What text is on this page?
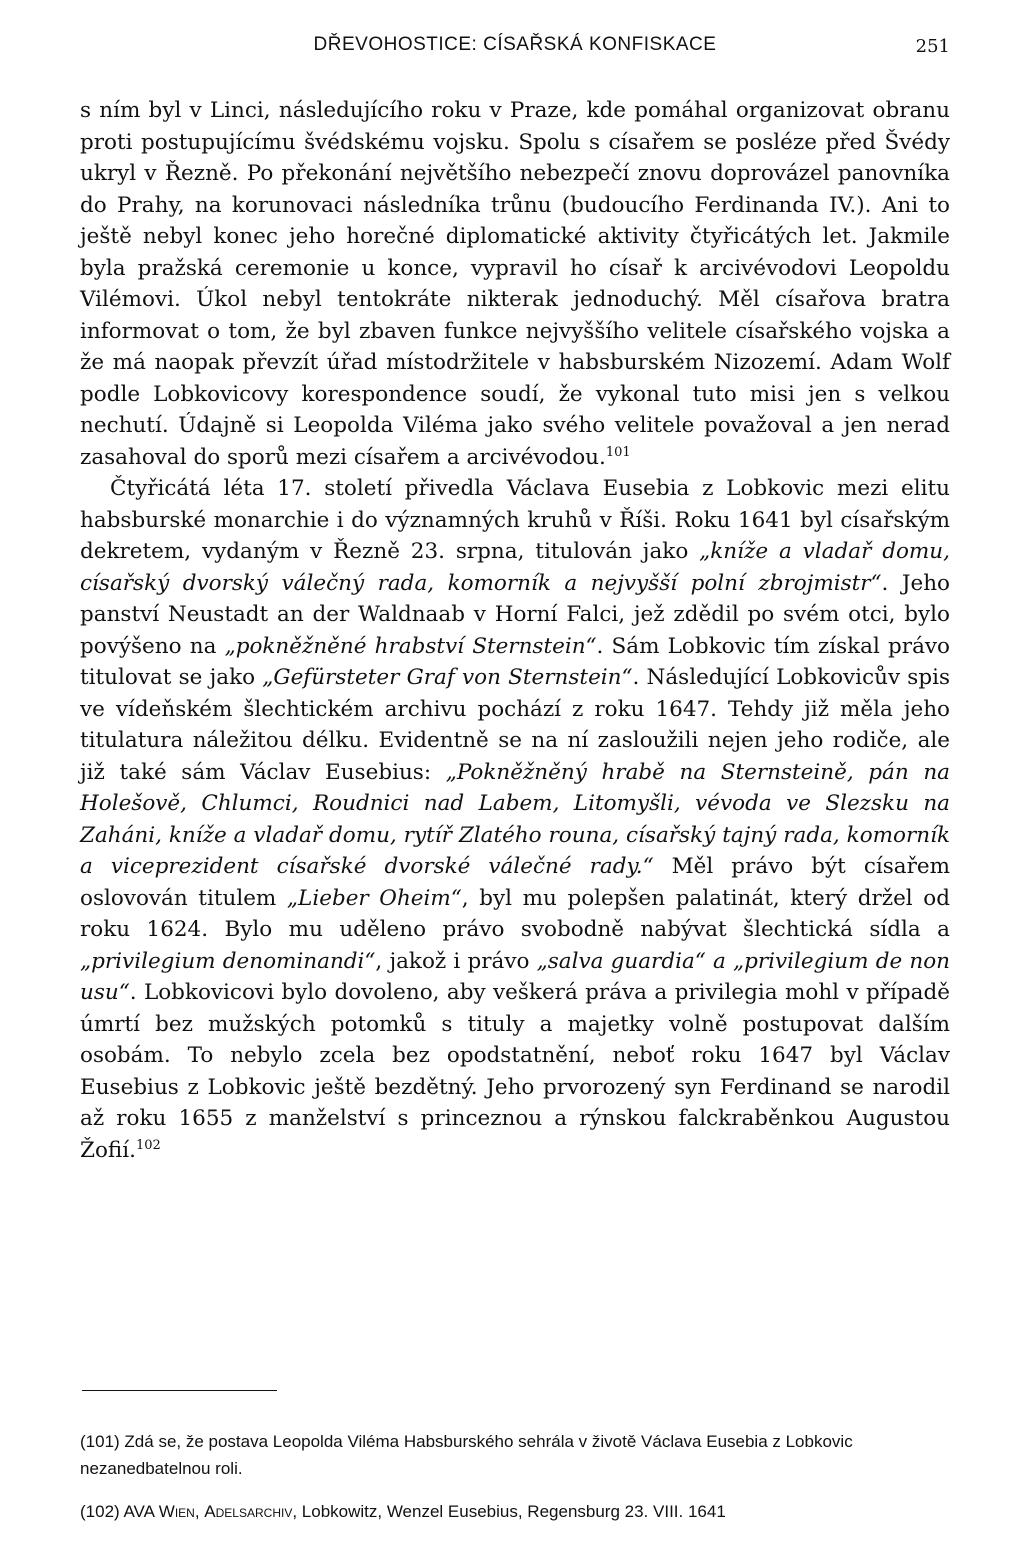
DŘEVOHOSTICE: CÍSAŘSKÁ KONFISKACE	251

s ním byl v Linci, následujícího roku v Praze, kde pomáhal organizovat obranu proti postupujícímu švédskému vojsku. Spolu s císařem se posléze před Švédy ukryl v Řezně. Po překonání největšího nebezpečí znovu doprovázel panovníka do Prahy, na korunovaci následníka trůnu (budoucího Ferdinanda IV.). Ani to ještě nebyl konec jeho horečné diplomatické aktivity čtyřicátých let. Jakmile byla pražská ceremonie u konce, vypravil ho císař k arcivévodovi Leopoldu Vilémovi. Úkol nebyl tentokráte nikterak jednoduchý. Měl císařova bratra informovat o tom, že byl zbaven funkce nejvyššího velitele císařského vojska a že má naopak převzít úřad místodržitele v habsburském Nizozemí. Adam Wolf podle Lobkovicovy korespondence soudí, že vykonal tuto misi jen s velkou nechutí. Údajně si Leopolda Viléma jako svého velitele považoval a jen nerad zasahoval do sporů mezi císařem a arcivévodou.$^{101}$

Čtyřicátá léta 17. století přivedla Václava Eusebia z Lobkovic mezi elitu habsburské monarchie i do významných kruhů v Říši. Roku 1641 byl císařským dekretem, vydaným v Řezně 23. srpna, titulován jako „kníže a vladař domu, císařský dvorský válečný rada, komorník a nejvyšší polní zbrojmistr“. Jeho panství Neustadt an der Waldnaab v Horní Falci, jež zdědil po svém otci, bylo povýšeno na „pokněžněné hrabství Sternstein“. Sám Lobkovic tím získal právo titulovat se jako „Gefürsteter Graf von Sternstein“. Následující Lobkovicův spis ve vídeňském šlechtickém archivu pochází z roku 1647. Tehdy již měla jeho titulatura náležitou délku. Evidentně se na ní zasloužili nejen jeho rodiče, ale již také sám Václav Eusebius: „Pokněžněný hrabě na Sternsteině, pán na Holešově, Chlumci, Roudnici nad Labem, Litomyšli, vévoda ve Slezsku na Zaháni, kníže a vladař domu, rytíř Zlatého rouna, císařský tajný rada, komorník a viceprezident císařské dvorské válečné rady.“ Měl právo být císařem oslovován titulem „Lieber Oheim“, byl mu polepšen palatinát, který držel od roku 1624. Bylo mu uděleno právo svobodně nabývat šlechtická sídla a „privilegium denominandi“, jakož i právo „salva guardia“ a „privilegium de non usu“. Lobkovicovi bylo dovoleno, aby veškerá práva a privilegia mohl v případě úmrtí bez mužských potomků s tituly a majetky volně postupovat dalším osobám. To nebylo zcela bez opodstatnění, neboť roku 1647 byl Václav Eusebius z Lobkovic ještě bezdětný. Jeho prvorozený syn Ferdinand se narodil až roku 1655 z manželství s princeznou a rýnskou falckraběnkou Augustou Žofií.$^{102}$

(101) Zdá se, že postava Leopolda Viléma Habsburského sehrála v životě Václava Eusebia z Lobkovic nezanedbatelnou roli.

(102) AVA Wien, Adelsarchiv, Lobkowitz, Wenzel Eusebius, Regensburg 23. VIII. 1641
